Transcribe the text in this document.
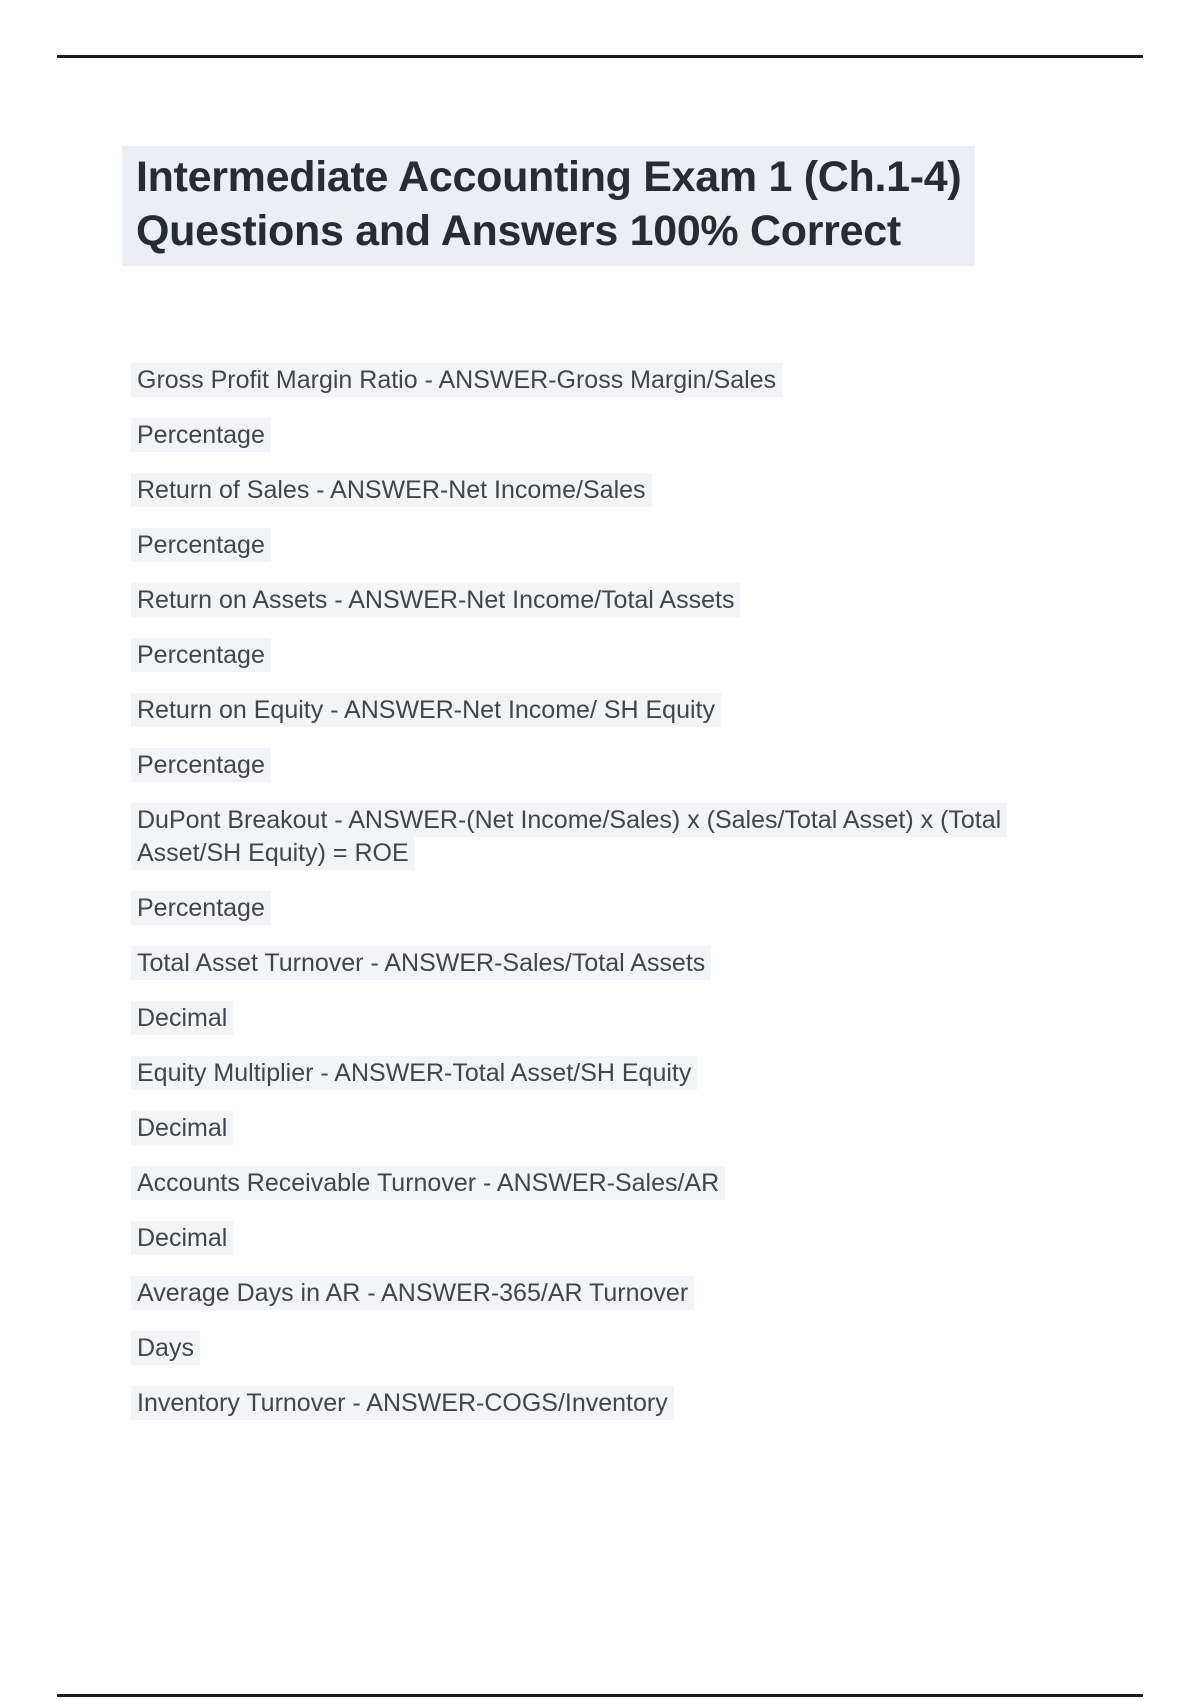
Intermediate Accounting Exam 1 (Ch.1-4)
Questions and Answers 100% Correct

Gross Profit Margin Ratio - ANSWER-Gross Margin/Sales

Percentage

Return of Sales - ANSWER-Net Income/Sales

Percentage

Return on Assets - ANSWER-Net Income/Total Assets

Percentage

Return on Equity - ANSWER-Net Income/ SH Equity

Percentage

DuPont Breakout - ANSWER-(Net Income/Sales) x (Sales/Total Asset) x (Total Asset/SH Equity) = ROE

Percentage

Total Asset Turnover - ANSWER-Sales/Total Assets

Decimal

Equity Multiplier - ANSWER-Total Asset/SH Equity

Decimal

Accounts Receivable Turnover - ANSWER-Sales/AR

Decimal

Average Days in AR - ANSWER-365/AR Turnover

Days

Inventory Turnover - ANSWER-COGS/Inventory
